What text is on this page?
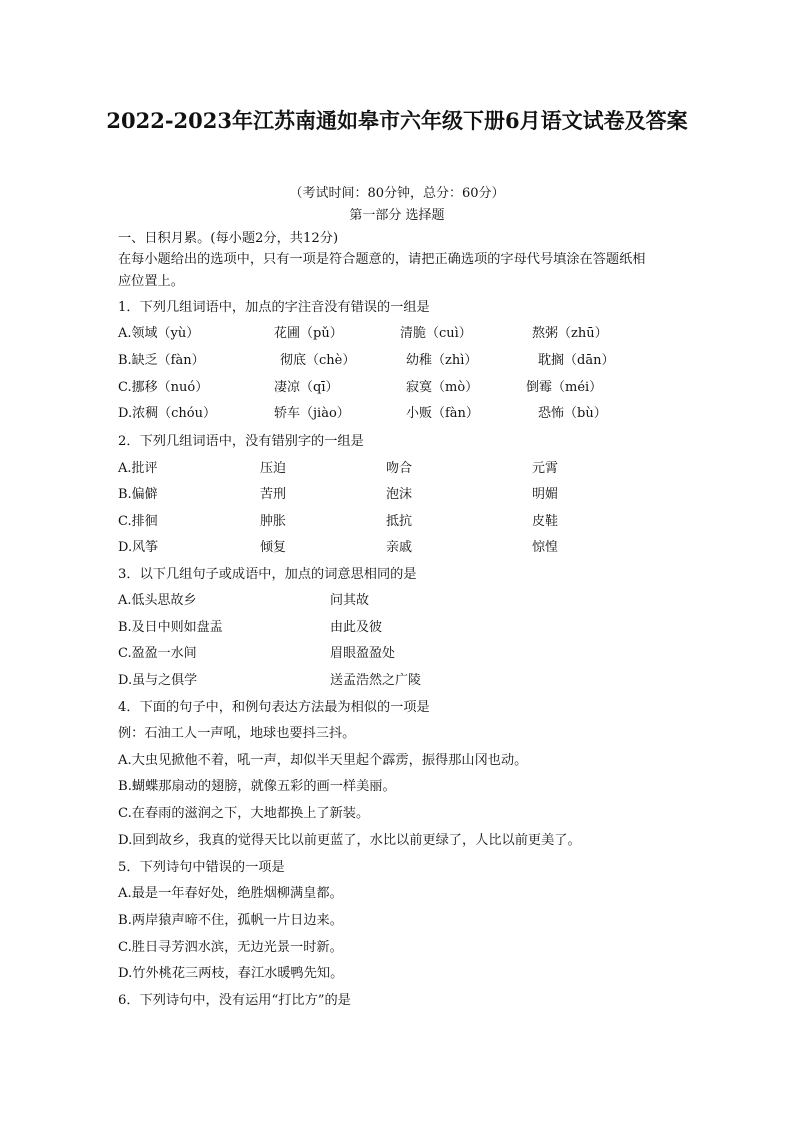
2022-2023年江苏南通如皋市六年级下册6月语文试卷及答案
（考试时间：80分钟，总分：60分）
第一部分 选择题
一、日积月累。(每小题2分，共12分)
在每小题给出的选项中，只有一项是符合题意的，请把正确选项的字母代号填涂在答题纸相
应位置上。
1．下列几组词语中，加点的字注音没有错误的一组是
A.领域（yù）	花圃（pǔ）	清脆（cuì）	熬粥（zhū）
B.缺乏（fàn）	彻底（chè）	幼稚（zhì）	耽搁（dān）
C.挪移（nuó）	凄凉（qī）	寂寞（mò）	倒霉（méi）
D.浓稠（chóu）	轿车（jiào）	小贩（fàn）	恐怖（bù）
2．下列几组词语中，没有错别字的一组是
A.批评	压迫	吻合	元霄
B.偏僻	苦刑	泡沫	明媚
C.排徊	肿胀	抵抗	皮鞋
D.风筝	倾复	亲戚	惊惶
3．以下几组句子或成语中，加点的词意思相同的是
A.低头思故乡	问其故
B.及日中则如盘盂	由此及彼
C.盈盈一水间	眉眼盈盈处
D.虽与之俱学	送孟浩然之广陵
4．下面的句子中，和例句表达方法最为相似的一项是
例：石油工人一声吼，地球也要抖三抖。
A.大虫见掀他不着，吼一声，却似半天里起个霹雳，振得那山冈也动。
B.蝴蝶那扇动的翅膀，就像五彩的画一样美丽。
C.在春雨的滋润之下，大地都换上了新装。
D.回到故乡，我真的觉得天比以前更蓝了，水比以前更绿了，人比以前更美了。
5．下列诗句中错误的一项是
A.最是一年春好处，绝胜烟柳满皇都。
B.两岸猿声啼不住，孤帆一片日边来。
C.胜日寻芳泗水滨，无边光景一时新。
D.竹外桃花三两枝，春江水暖鸭先知。
6．下列诗句中，没有运用“打比方”的是
